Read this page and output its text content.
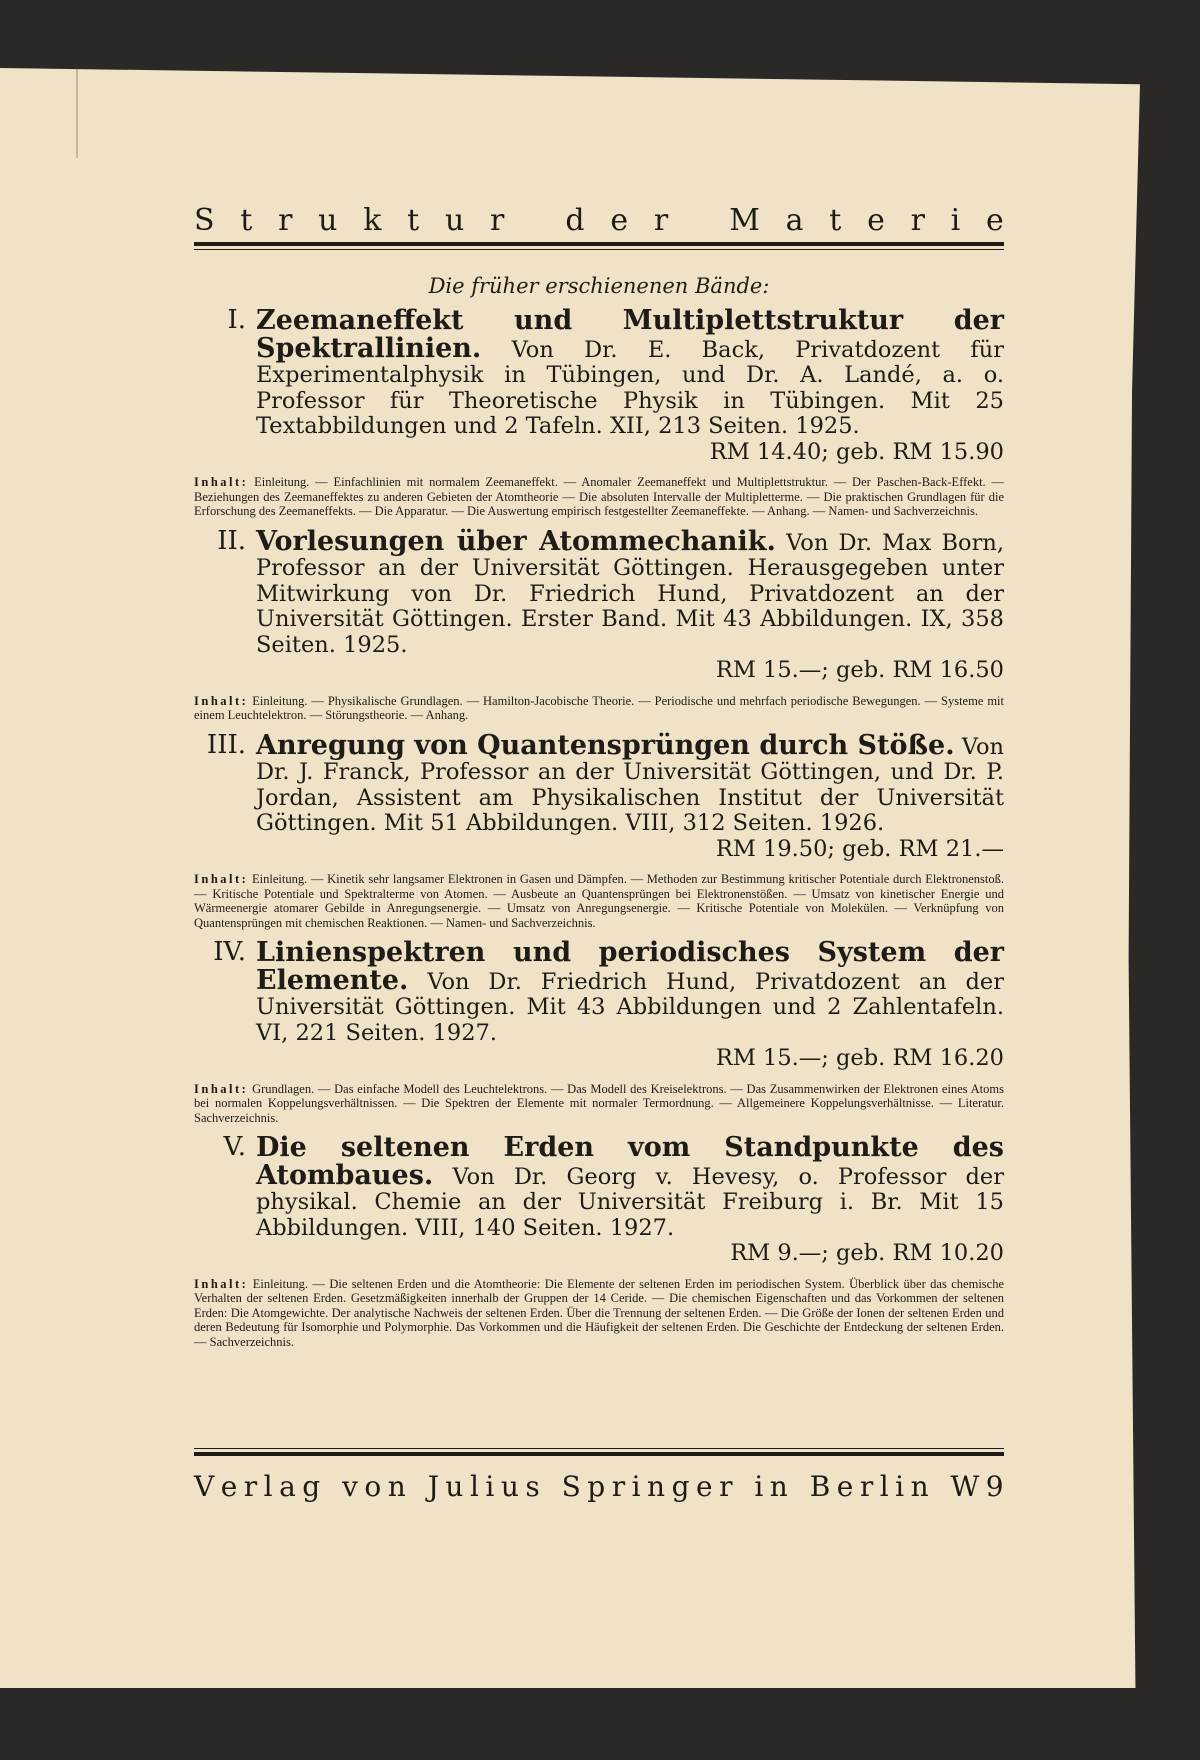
S t r u k t u r
d e r
M a t e r i e
Die früher erschienenen Bände:
I. Zeemaneffekt und Multiplettstruktur der Spektrallinien. Von Dr. E. Back, Privatdozent für Experimentalphysik in Tübingen, und Dr. A. Landé, a. o. Professor für Theoretische Physik in Tübingen. Mit 25 Textabbildungen und 2 Tafeln. XII, 213 Seiten. 1925.
RM 14.40; geb. RM 15.90
Inhalt: Einleitung. — Einfachlinien mit normalem Zeemaneffekt. — Anomaler Zeemaneffekt und Multiplettstruktur. — Der Paschen-Back-Effekt. — Beziehungen des Zeemaneffektes zu anderen Gebieten der Atomtheorie — Die absoluten Intervalle der Multipletterme. — Die praktischen Grundlagen für die Erforschung des Zeemaneffekts. — Die Apparatur. — Die Auswertung empirisch festgestellter Zeemaneffekte. — Anhang. — Namen- und Sachverzeichnis.
II. Vorlesungen über Atommechanik. Von Dr. Max Born, Professor an der Universität Göttingen. Herausgegeben unter Mitwirkung von Dr. Friedrich Hund, Privatdozent an der Universität Göttingen. Erster Band. Mit 43 Abbildungen. IX, 358 Seiten. 1925.
RM 15.—; geb. RM 16.50
Inhalt: Einleitung. — Physikalische Grundlagen. — Hamilton-Jacobische Theorie. — Periodische und mehrfach periodische Bewegungen. — Systeme mit einem Leuchtelektron. — Störungstheorie. — Anhang.
III. Anregung von Quantensprüngen durch Stöße. Von Dr. J. Franck, Professor an der Universität Göttingen, und Dr. P. Jordan, Assistent am Physikalischen Institut der Universität Göttingen. Mit 51 Abbildungen. VIII, 312 Seiten. 1926.
RM 19.50; geb. RM 21.—
Inhalt: Einleitung. — Kinetik sehr langsamer Elektronen in Gasen und Dämpfen. — Methoden zur Bestimmung kritischer Potentiale durch Elektronenstoß. — Kritische Potentiale und Spektralterme von Atomen. — Ausbeute an Quantensprüngen bei Elektronenstößen. — Umsatz von kinetischer Energie und Wärmeenergie atomarer Gebilde in Anregungsenergie. — Umsatz von Anregungsenergie. — Kritische Potentiale von Molekülen. — Verknüpfung von Quantensprüngen mit chemischen Reaktionen. — Namen- und Sachverzeichnis.
IV. Linienspektren und periodisches System der Elemente. Von Dr. Friedrich Hund, Privatdozent an der Universität Göttingen. Mit 43 Abbildungen und 2 Zahlentafeln. VI, 221 Seiten. 1927.
RM 15.—; geb. RM 16.20
Inhalt: Grundlagen. — Das einfache Modell des Leuchtelektrons. — Das Modell des Kreiselektrons. — Das Zusammenwirken der Elektronen eines Atoms bei normalen Koppelungsverhältnissen. — Die Spektren der Elemente mit normaler Termordnung. — Allgemeinere Koppelungsverhältnisse. — Literatur. Sachverzeichnis.
V. Die seltenen Erden vom Standpunkte des Atombaues. Von Dr. Georg v. Hevesy, o. Professor der physikal. Chemie an der Universität Freiburg i. Br. Mit 15 Abbildungen. VIII, 140 Seiten. 1927.
RM 9.—; geb. RM 10.20
Inhalt: Einleitung. — Die seltenen Erden und die Atomtheorie: Die Elemente der seltenen Erden im periodischen System. Überblick über das chemische Verhalten der seltenen Erden. Gesetzmäßigkeiten innerhalb der Gruppen der 14 Ceride. — Die chemischen Eigenschaften und das Vorkommen der seltenen Erden: Die Atomgewichte. Der analytische Nachweis der seltenen Erden. Über die Trennung der seltenen Erden. — Die Größe der Ionen der seltenen Erden und deren Bedeutung für Isomorphie und Polymorphie. Das Vorkommen und die Häufigkeit der seltenen Erden. Die Geschichte der Entdeckung der seltenen Erden. — Sachverzeichnis.
V e r l a g
v o n
J u l i u s
S p r i n g e r
i n
B e r l i n
W 9
